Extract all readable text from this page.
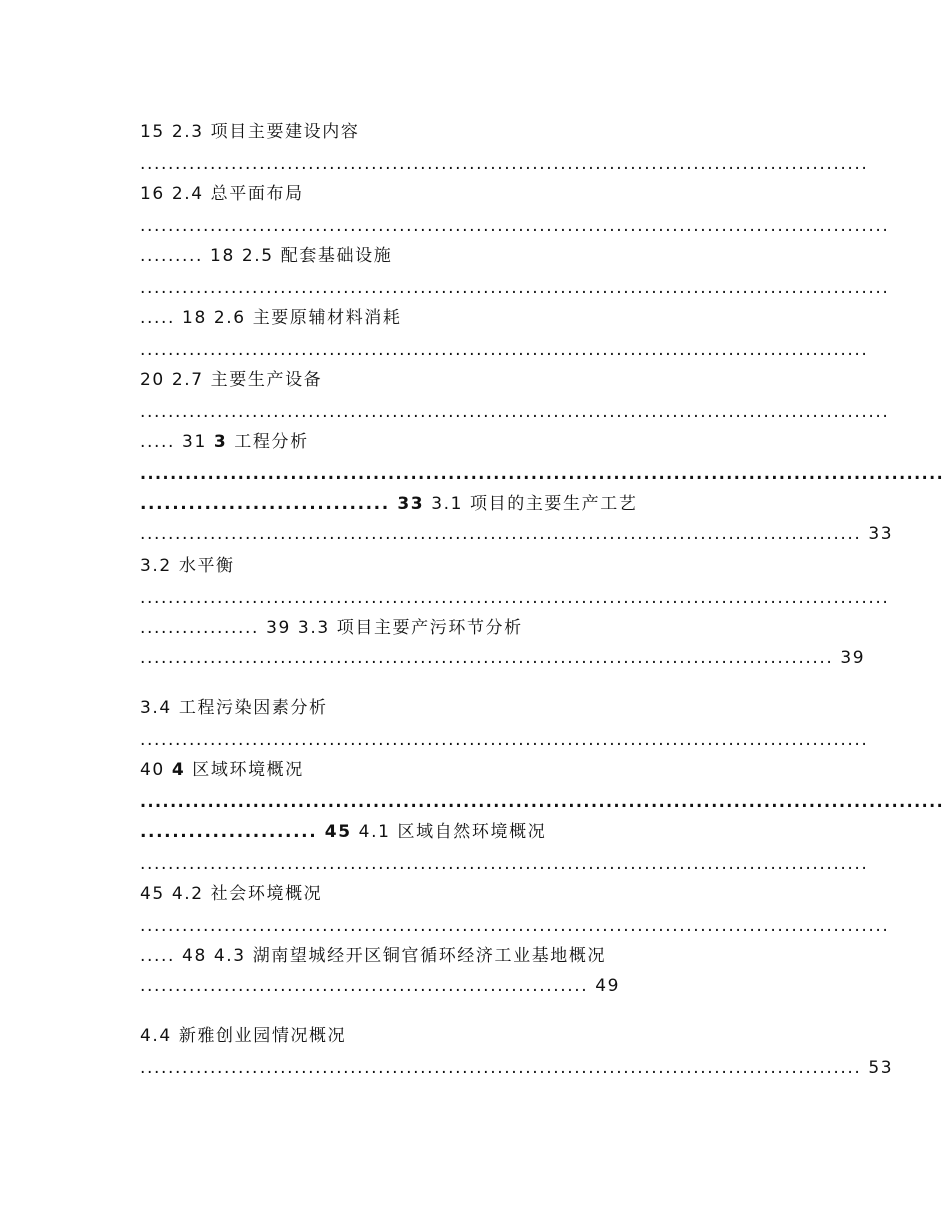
15 2.3 项目主要建设内容
........................................................................................................
16 2.4 总平面布局
...........................................................................................................
......... 18 2.5 配套基础设施
...........................................................................................................
..... 18 2.6 主要原辅材料消耗
........................................................................................................
20 2.7 主要生产设备
...........................................................................................................
..... 31 3 工程分析
...........................................................................................................
............................... 33 3.1 项目的主要生产工艺
....................................................................................................... 33
3.2 水平衡
...........................................................................................................
................. 39 3.3 项目主要产污环节分析
................................................................................................... 39
3.4 工程污染因素分析
........................................................................................................
40 4 区域环境概况
...........................................................................................................
...................... 45 4.1 区域自然环境概况
........................................................................................................
45 4.2 社会环境概况
...........................................................................................................
..... 48 4.3 湖南望城经开区铜官循环经济工业基地概况
................................................................ 49
4.4 新雅创业园情况概况
....................................................................................................... 53
